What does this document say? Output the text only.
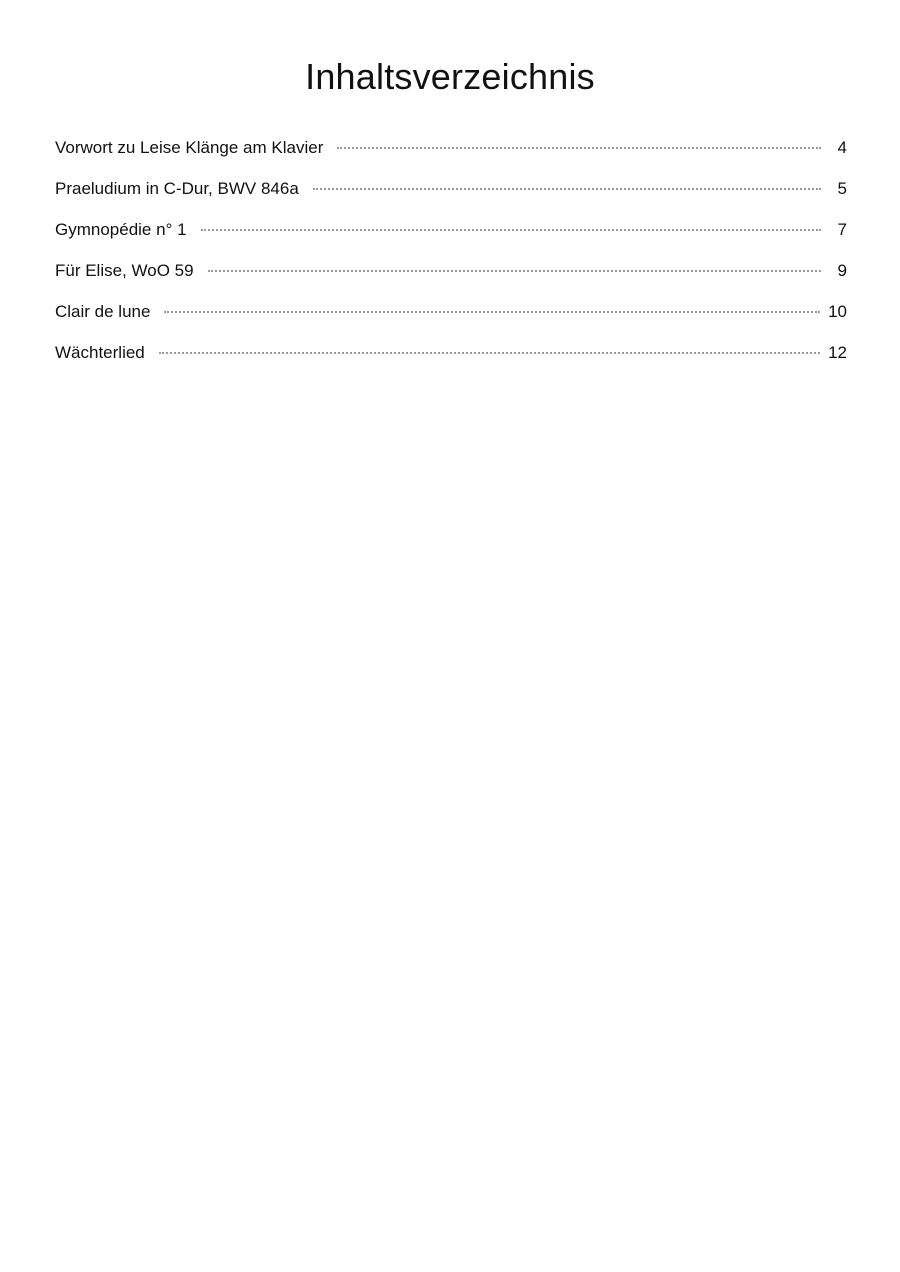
Inhaltsverzeichnis
Vorwort zu Leise Klänge am Klavier	4
Praeludium in C-Dur, BWV 846a	5
Gymnopédie n° 1	7
Für Elise, WoO 59	9
Clair de lune	10
Wächterlied	12
